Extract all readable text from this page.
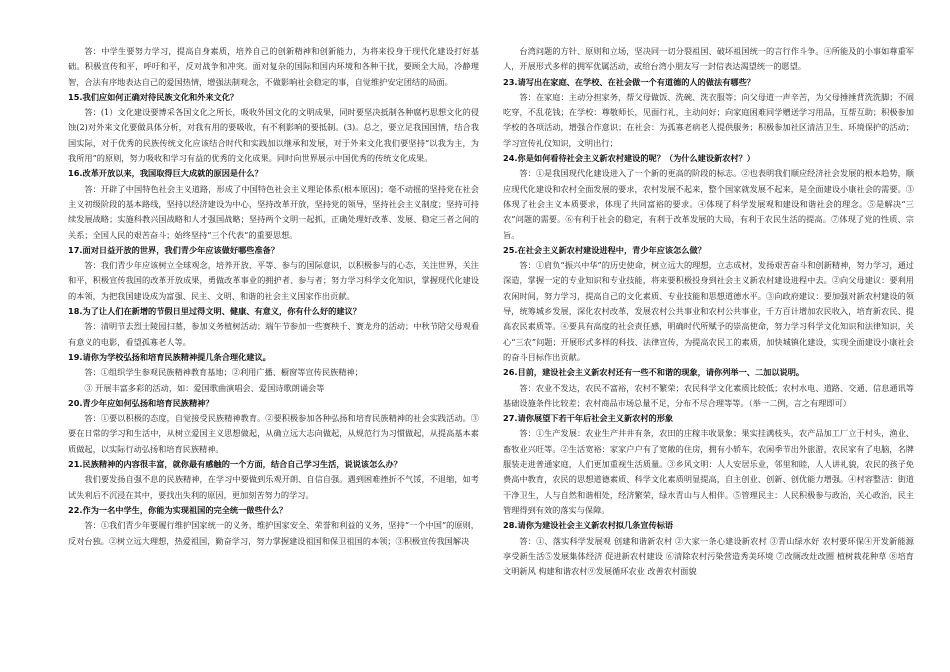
答：中学生要努力学习，提高自身素质，培养自己的创新精神和创新能力，为将来投身于现代化建设打好基础。积极宣传和平，呼吁和平，反对战争和冲突。面对复杂的国际和国内环境和各种干扰，要顾全大局，冷静理智，合法有序地表达自己的爱国热情，增强法制观念，不做影响社会稳定的事，自觉维护安定团结的局面。

15.我们应如何正确对待民族文化和外来文化？

答：(1）文化建设要博采各国文化之所长，吸收外国文化的文明成果，同时要坚决抵制各种腐朽思想文化的侵蚀(2)对外来文化要做具体分析，对我有用的要吸收，有不利影响的要抵制。(3)。总之，要立足我国国情，结合我国实际，对于优秀的民族传统文化应该结合时代和实践加以继承和发展，对于外来文化我们要坚持“以我为主，为我所用”的原则，努力吸收和学习有益的优秀的文化成果。同时向世界展示中国优秀的传统文化成果。

16.改革开放以来，我国取得巨大成就的原因是什么？

答：开辟了中国特色社会主义道路，形成了中国特色社会主义理论体系(根本原因)；毫不动摇的坚持党在社会主义初级阶段的基本路线，坚持以经济建设为中心，坚持改革开放，坚持党的领导，坚持社会主义制度；坚持可持续发展战略；实施科教兴国战略和人才强国战略；坚持两个文明一起抓，正确处理好改革、发展、稳定三者之间的关系；全国人民的艰苦奋斗；始终坚持“三个代表”的重要思想。

17.面对日益开放的世界，我们青少年应该做好哪些准备？

答：我们青少年应该树立全球观念，培养开放、平等、参与的国际意识，以积极参与的心态，关注世界，关注和平，积极宣传我国的改革开放成果，勇做改革事业的拥护者、参与者；努力学习科学文化知识，掌握现代化建设的本领，为把我国建设成为富强、民主、文明、和谐的社会主义国家作出贡献。

18.为了让人们在新增的节假日里过得文明、健康、有意义，你有什么好的建议？

答：清明节去烈士陵园扫墓，参加义务植树活动；端午节参加一些赛秧千、赛龙舟的活动；中秋节陪父母观看有意义的电影，看望孤寡老人等。

19.请你为学校弘扬和培育民族精神提几条合理化建议。

答：①组织学生参观民族精神教育基地；②利用广播、橱窗等宣传民族精神；

③ 开展丰富多彩的活动，如：爱国歌曲演唱会、爱国诗歌朗诵会等

20.青少年应如何弘扬和培育民族精神？

答：①要以积极的态度，自觉接受民族精神教育。②要积极参加各种弘扬和培育民族精神的社会实践活动。③要在日常的学习和生活中，从树立爱国主义思想做起，从确立远大志向做起，从规范行为习惯做起，从提高基本素质做起，以实际行动弘扬和培育民族精神。

21.民族精神的内容很丰富，就你最有感触的一个方面，结合自己学习生活，说说该怎么办？

我们要发扬自强不息的民族精神，在学习中要做到乐观开朗、自信自强。遇到困难挫折不气馁，不退缩，如考试失利后不沉浸在其中，要找出失利的原因，更加刻苦努力的学习。

22.作为一名中学生，你能为实现祖国的完全统一做些什么？

答：①我们青少年要履行维护国家统一的义务，维护国家安全、荣誉和利益的义务，坚持“一个中国”的原则，反对台独。②树立远大理想，热爱祖国，勤奋学习，努力掌握建设祖国和保卫祖国的本领；③积极宣传我国解决

台湾问题的方针、原则和立场，坚决同一切分裂祖国、破坏祖国统一的言行作斗争。④所能及的小事如尊重军人，开展形式多样的拥军优属活动，或给台湾小朋友写一封信表达渴望统一的愿望。

23.请写出在家庭、在学校、在社会做一个有道德的人的做法有哪些？

答：在家庭：主动分担家务，帮父母做饭、洗碗、洗衣服等；向父母道一声辛苦，为父母捶捶背洗洗脚；不闹吃穿，不乱花钱；在学校：尊敬师长，见面行礼，主动问好；向家庭困难同学赠送学习用品，互帮互助；积极参加学校的各项活动，增强合作意识；在社会：为孤寡老病老人提供服务；积极参加社区清洁卫生、环境保护的活动；学习宣传礼仪知识，文明出行；

24.你是如何看待社会主义新农村建设的呢？（为什么建设新农村？）

答：①是我国现代化建设进入了一个新的更高的阶段的标志。②也表明我们顺应经济社会发展的根本趋势，顺应现代化建设和农村全面发展的要求，农村发展不起来，整个国家就发展不起来，是全面建设小康社会的需要。③体现了社会主义本质要求，体现了共同富裕的要求。④体现了科学发展观和建设和谐社会的理念。⑤是解决“三农”问题的需要。⑥有利于社会的稳定，有利于改革发展的大局，有利于农民生活的提高。⑦体现了党的性质、宗旨。

25.在社会主义新农村建设进程中，青少年应该怎么做？

答：①肩负“振兴中华”的历史使命，树立远大的理想，立志成材，发扬艰苦奋斗和创新精神，努力学习，通过深造，掌握一定的专业知识和专业技能，将来要积极投身到社会主义新农村建设进程中去。②向父母建议：要利用农闲时间，努力学习，提高自己的文化素质、专业技能和思想道德水平。③向政府建议：要加强对新农村建设的领导，统筹城乡发展，深化农村改革，发展农村公共事业和农村公共事业，千方百计增加农民收入，培育新农民、提高农民素质等。④要具有高度的社会责任感，明确时代所赋予的崇高使命，努力学习科学文化知识和法律知识，关心“三农”问题；开展形式多样的科技、法律宣传，为提高农民工的素质，加快城镇化建设，实现全面建设小康社会的奋斗目标作出贡献。

26.目前，建设社会主义新农村还有一些不和谐的现象，请你列举一、二加以说明。

答：农业不发达，农民不富裕，农村不繁荣；农民科学文化素质比较低；农村水电、道路、交通、信息通讯等基础设施条件比较差；农村商品市场总量不足，分布不尽合理等等。（举一二例，言之有理即可）

27.请你展望下若干年后社会主义新农村的形象

答：①生产发展：农业生产井井有条，农田的庄稼丰收景象；果实挂满枝头，农产品加工厂立于村头，渔业、畜牧业兴旺等。②生活宽裕：家家户户有了宽敞的住房，拥有小轿车，农闲季节出外旅游，农民家有了电脑，名牌服装走进普通家庭，人们更加重视生活质量。③乡风文明：人人安居乐业，邻里和睦，人人讲礼貌，农民的孩子免费高中教育，农民的思想道德素质、科学文化素质明显提高，自主创业、创新、创优能力增强。④村容整洁：街道干净卫生，人与自然和谐相处，经济繁荣，绿水青山与人相伴。⑤管理民主：人民积极参与政治，关心政治，民主管理得到有效的落实与保障。

28.请你为建设社会主义新农村拟几条宣传标语

答：①、落实科学发展观 创建和谐新农村 ②大家一条心建设新农村 ③青山绿水好 农村要环保④开发新能源 享受新生活⑤发展集体经济 促进新农村建设 ⑥清除农村污染营造秀美环境 ⑦改厕改灶改圈 植树栽花种草 ⑧培育文明新风 构建和谐农村⑨发展循环农业 改善农村面貌
